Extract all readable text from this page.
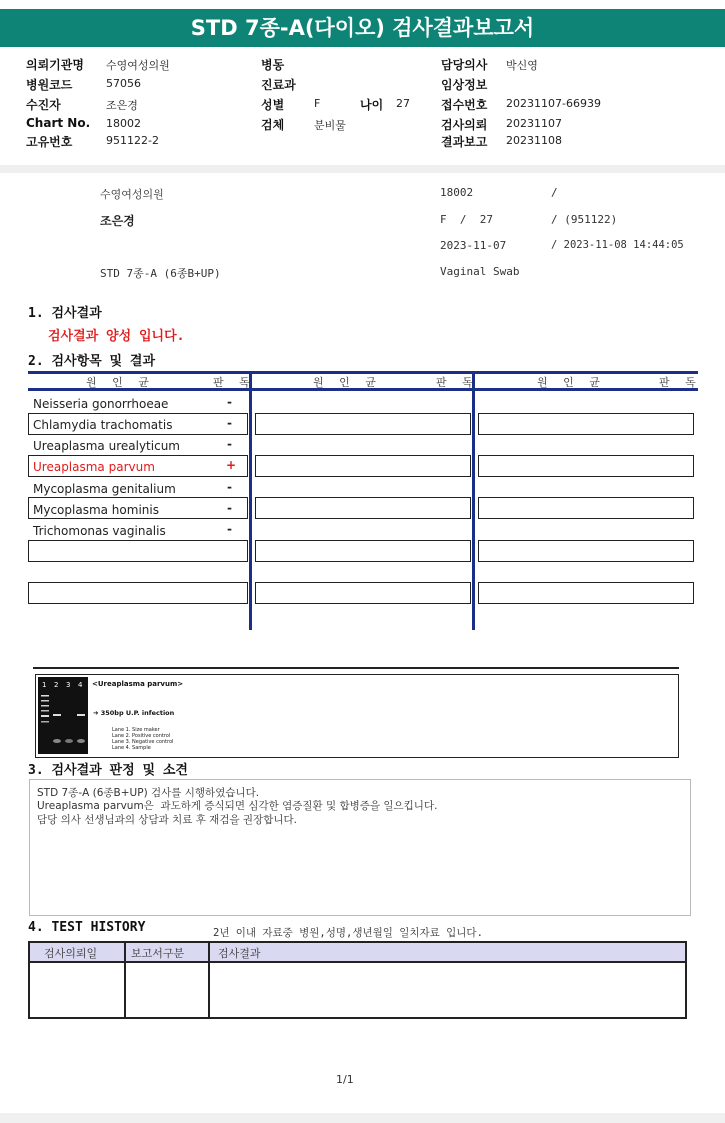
STD 7종-A(다이오) 검사결과보고서
의뢰기관명 수영여성의원
병원코드	57056
수진자	조은경
Chart No. 18002
고유번호	951122-2
병동
진료과
성별	F	나이 27
검체	분비물
담당의사 박신영
임상정보
접수번호 20231107-66939
검사의뢰 20231107
결과보고 20231108
수영여성의원	18002	/
조은경	F  /  27	/ (951122)
2023-11-07	/ 2023-11-08 14:44:05
STD 7종-A (6종B+UP)	Vaginal Swab
1. 검사결과
검사결과 양성 입니다.
2. 검사항목 및 결과
원 인 균	판 독	원 인 균	판 독	원 인 균	판 독
Neisseria gonorrhoeae	-
Chlamydia trachomatis	-
Ureaplasma urealyticum	-
Ureaplasma parvum	+
Mycoplasma genitalium	-
Mycoplasma hominis	-
Trichomonas vaginalis	-
1 2 3 4 <Ureaplasma parvum>
➔ 350bp U.P. infection
Lane 1. Size maker
Lane 2. Positive control
Lane 3. Negative control
Lane 4. Sample
3. 검사결과 판정 및 소견
STD 7종-A (6종B+UP) 검사를 시행하였습니다.
Ureaplasma parvum은  과도하게 증식되면 심각한 염증질환 및 합병증을 일으킵니다.
담당 의사 선생님과의 상담과 치료 후 재검을 권장합니다.
4. TEST HISTORY	2년 이내 자료중 병원,성명,생년월일 일치자료 입니다.
검사의뢰일	보고서구분	검사결과
1/1
